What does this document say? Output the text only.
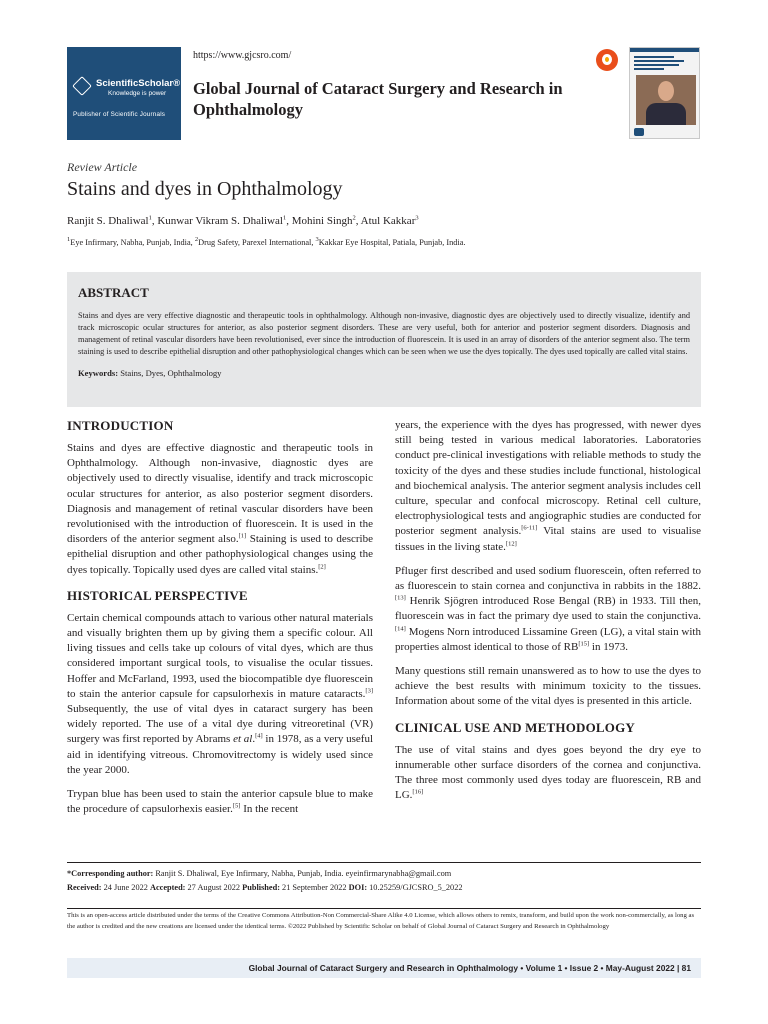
https://www.gjcsro.com/
ScientificScholar®
Knowledge is power
Publisher of Scientific Journals
Global Journal of Cataract Surgery and Research in Ophthalmology
Review Article
Stains and dyes in Ophthalmology
Ranjit S. Dhaliwal$^1$, Kunwar Vikram S. Dhaliwal$^1$, Mohini Singh$^2$, Atul Kakkar$^3$
$^1$Eye Infirmary, Nabha, Punjab, India, $^2$Drug Safety, Parexel International, $^3$Kakkar Eye Hospital, Patiala, Punjab, India.
ABSTRACT

Stains and dyes are very effective diagnostic and therapeutic tools in ophthalmology. Although non-invasive, diagnostic dyes are objectively used to directly visualize, identify and track microscopic ocular structures for anterior, as also posterior segment disorders. These are very useful, both for anterior and posterior segment disorders. Diagnosis and management of retinal vascular disorders have been revolutionised, ever since the introduction of fluorescein. It is used in an array of disorders of the anterior segment also. The term staining is used to describe epithelial disruption and other pathophysiological changes which can be seen when we use the dyes topically. The dyes used topically are called vital stains.

Keywords: Stains, Dyes, Ophthalmology

INTRODUCTION

Stains and dyes are effective diagnostic and therapeutic tools in Ophthalmology. Although non-invasive, diagnostic dyes are objectively used to directly visualise, identify and track microscopic ocular structures for anterior, as also posterior segment disorders. Diagnosis and management of retinal vascular disorders have been revolutionised with the introduction of fluorescein. It is used in the disorders of the anterior segment also.[1] Staining is used to describe epithelial disruption and other pathophysiological changes using the dyes topically. Topically used dyes are called vital stains.[2]

HISTORICAL PERSPECTIVE

Certain chemical compounds attach to various other natural materials and visually brighten them up by giving them a specific colour. All living tissues and cells take up colours of vital dyes, which are thus considered important surgical tools, to visualise the ocular tissues. Hoffer and McFarland, 1993, used the biocompatible dye fluorescein to stain the anterior capsule for capsulorhexis in mature cataracts.[3] Subsequently, the use of vital dyes in cataract surgery has been widely reported. The use of a vital dye during vitreoretinal (VR) surgery was first reported by Abrams et al.[4] in 1978, as a very useful aid in identifying vitreous. Chromovitrectomy is widely used since the year 2000.

Trypan blue has been used to stain the anterior capsule blue to make the procedure of capsulorhexis easier.[5] In the recent

years, the experience with the dyes has progressed, with newer dyes still being tested in various medical laboratories. Laboratories conduct pre-clinical investigations with reliable methods to study the toxicity of the dyes and these studies include functional, histological and biochemical analysis. The anterior segment analysis includes cell culture, specular and confocal microscopy. Retinal cell culture, electrophysiological tests and angiographic studies are conducted for posterior segment analysis.[6-11] Vital stains are used to visualise tissues in the living state.[12]

Pfluger first described and used sodium fluorescein, often referred to as fluorescein to stain cornea and conjunctiva in rabbits in the 1882.[13] Henrik Sjögren introduced Rose Bengal (RB) in 1933. Till then, fluorescein was in fact the primary dye used to stain the conjunctiva.[14] Mogens Norn introduced Lissamine Green (LG), a vital stain with properties almost identical to those of RB[15] in 1973.

Many questions still remain unanswered as to how to use the dyes to achieve the best results with minimum toxicity to the tissues. Information about some of the vital dyes is presented in this article.

CLINICAL USE AND METHODOLOGY

The use of vital stains and dyes goes beyond the dry eye to innumerable other surface disorders of the cornea and conjunctiva. The three most commonly used dyes today are fluorescein, RB and LG.[16]

*Corresponding author: Ranjit S. Dhaliwal, Eye Infirmary, Nabha, Punjab, India. eyeinfirmarynabha@gmail.com
Received: 24 June 2022 Accepted: 27 August 2022 Published: 21 September 2022 DOI: 10.25259/GJCSRO_5_2022
This is an open-access article distributed under the terms of the Creative Commons Attribution-Non Commercial-Share Alike 4.0 License, which allows others to remix, transform, and build upon the work non-commercially, as long as the author is credited and the new creations are licensed under the identical terms. ©2022 Published by Scientific Scholar on behalf of Global Journal of Cataract Surgery and Research in Ophthalmology
Global Journal of Cataract Surgery and Research in Ophthalmology • Volume 1 • Issue 2 • May-August 2022 | 81
